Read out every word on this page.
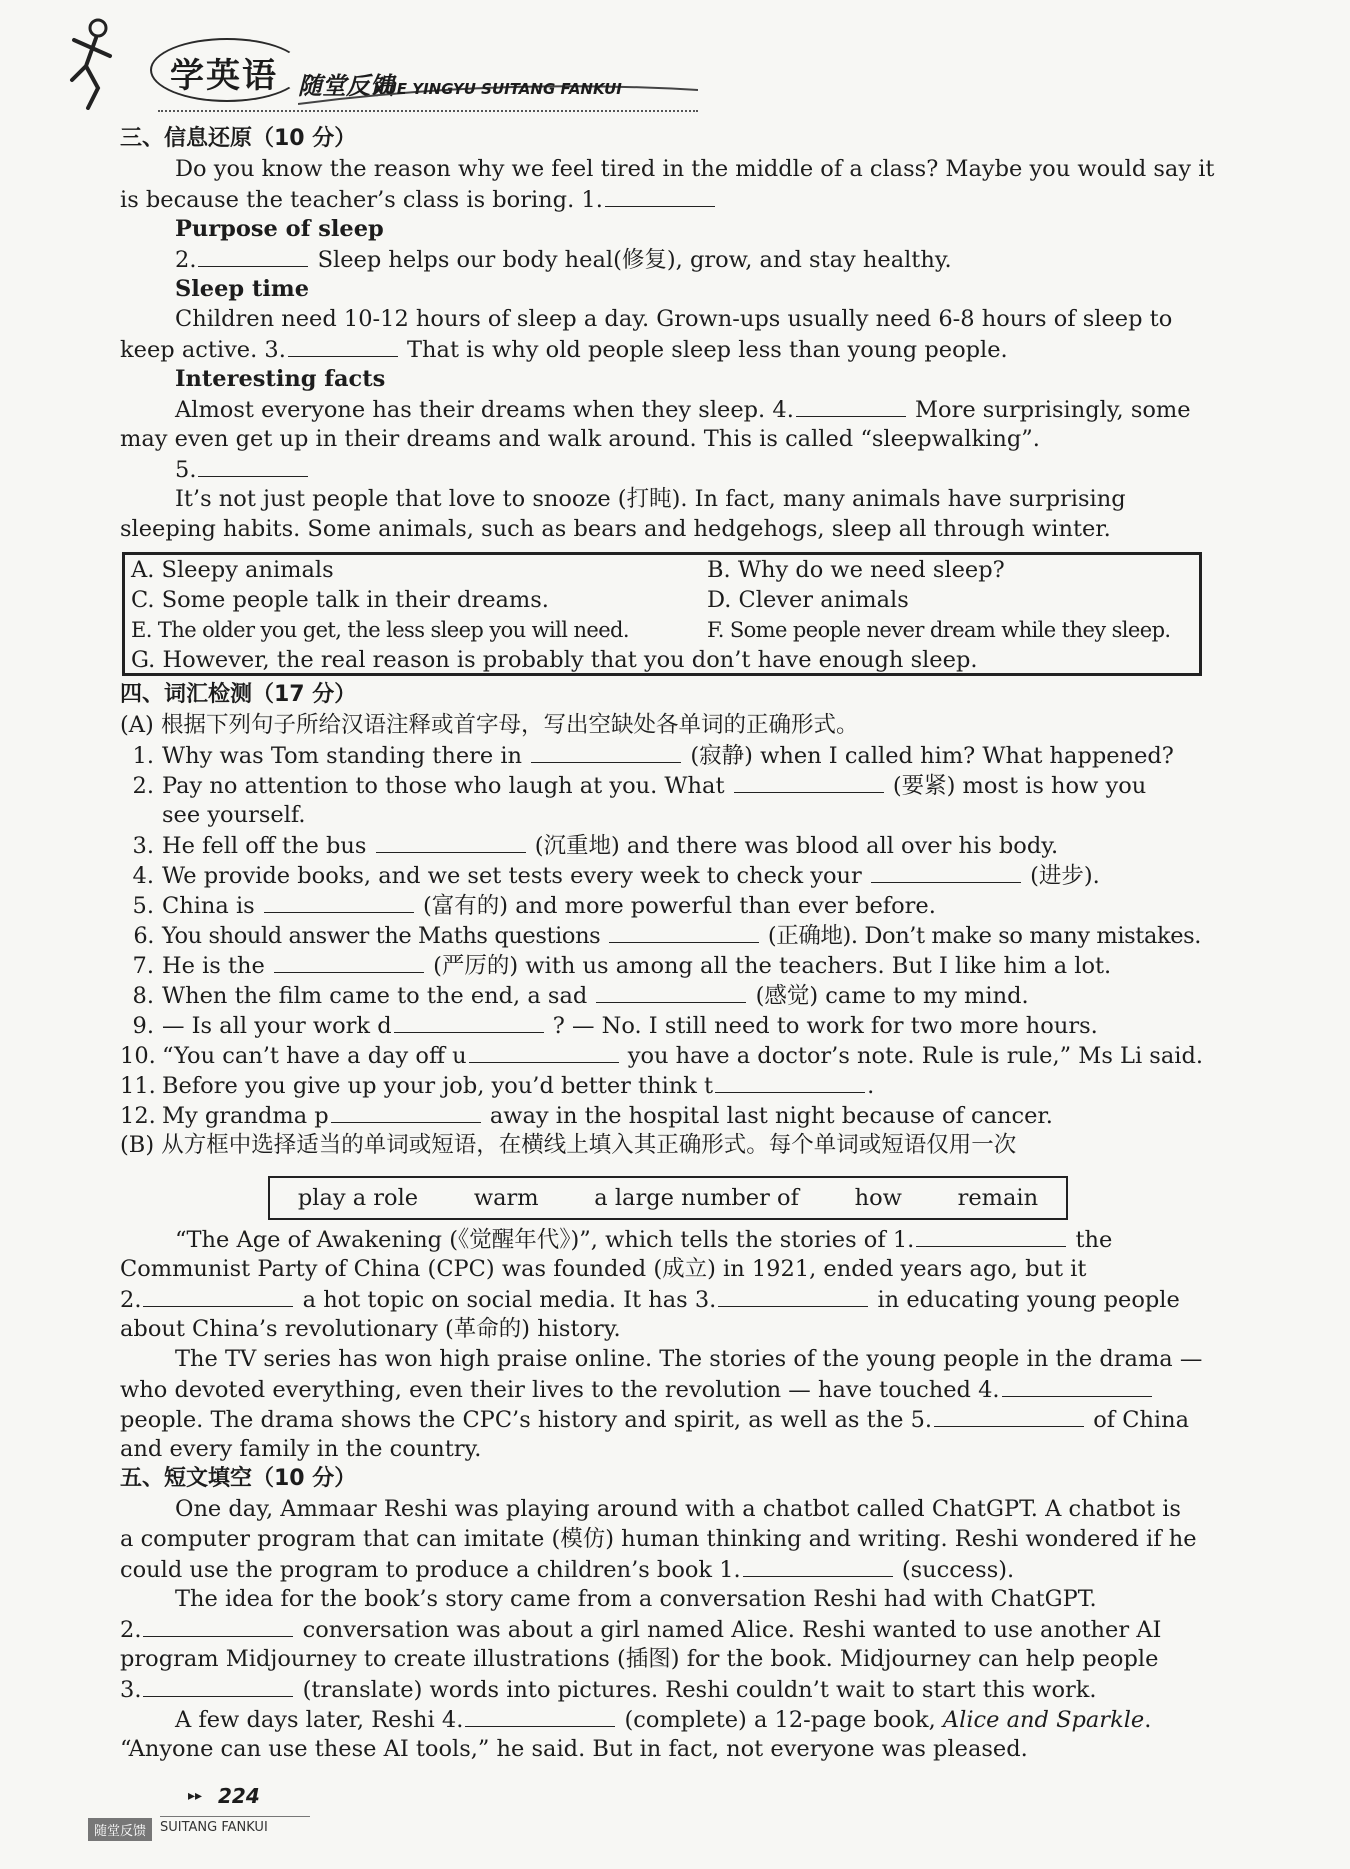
学英语 随堂反馈
XUE YINGYU SUITANG FANKUI
三、信息还原（10 分）
Do you know the reason why we feel tired in the middle of a class? Maybe you would say it
is because the teacher’s class is boring. 1.
Purpose of sleep
2.	Sleep helps our body heal(修复), grow, and stay healthy.
Sleep time
Children need 10-12 hours of sleep a day. Grown-ups usually need 6-8 hours of sleep to
keep active. 3.	That is why old people sleep less than young people.
Interesting facts
Almost everyone has their dreams when they sleep. 4.	More surprisingly, some
may even get up in their dreams and walk around. This is called “sleepwalking”.
5.
It’s not just people that love to snooze (打盹). In fact, many animals have surprising
sleeping habits. Some animals, such as bears and hedgehogs, sleep all through winter.
A. Sleepy animals	B. Why do we need sleep?
C. Some people talk in their dreams.	D. Clever animals
E. The older you get, the less sleep you will need.	F. Some people never dream while they sleep.
G. However, the real reason is probably that you don’t have enough sleep.
四、词汇检测（17 分）
(A) 根据下列句子所给汉语注释或首字母，写出空缺处各单词的正确形式。
1. Why was Tom standing there in	(寂静) when I called him? What happened?
2. Pay no attention to those who laugh at you. What	(要紧) most is how you
see yourself.
3. He fell off the bus	(沉重地) and there was blood all over his body.
4. We provide books, and we set tests every week to check your	(进步).
5. China is	(富有的) and more powerful than ever before.
6. You should answer the Maths questions	(正确地). Don’t make so many mistakes.
7. He is the	(严厉的) with us among all the teachers. But I like him a lot.
8. When the film came to the end, a sad	(感觉) came to my mind.
9. — Is all your work d	? — No. I still need to work for two more hours.
10. “You can’t have a day off u	you have a doctor’s note. Rule is rule,” Ms Li said.
11. Before you give up your job, you’d better think t	.
12. My grandma p	away in the hospital last night because of cancer.
(B) 从方框中选择适当的单词或短语，在横线上填入其正确形式。每个单词或短语仅用一次
play a role warm a large number of how remain
“The Age of Awakening (《觉醒年代》)”, which tells the stories of 1.	the
Communist Party of China (CPC) was founded (成立) in 1921, ended years ago, but it
2.	a hot topic on social media. It has 3.	in educating young people
about China’s revolutionary (革命的) history.
The TV series has won high praise online. The stories of the young people in the drama —
who devoted everything, even their lives to the revolution — have touched 4.
people. The drama shows the CPC’s history and spirit, as well as the 5.	of China
and every family in the country.
五、短文填空（10 分）
One day, Ammaar Reshi was playing around with a chatbot called ChatGPT. A chatbot is
a computer program that can imitate (模仿) human thinking and writing. Reshi wondered if he
could use the program to produce a children’s book 1.	(success).
The idea for the book’s story came from a conversation Reshi had with ChatGPT.
2.	conversation was about a girl named Alice. Reshi wanted to use another AI
program Midjourney to create illustrations (插图) for the book. Midjourney can help people
3.	(translate) words into pictures. Reshi couldn’t wait to start this work.
A few days later, Reshi 4.	(complete) a 12-page book, Alice and Sparkle.
“Anyone can use these AI tools,” he said. But in fact, not everyone was pleased.
▸▸ 224
随堂反馈	SUITANG FANKUI
